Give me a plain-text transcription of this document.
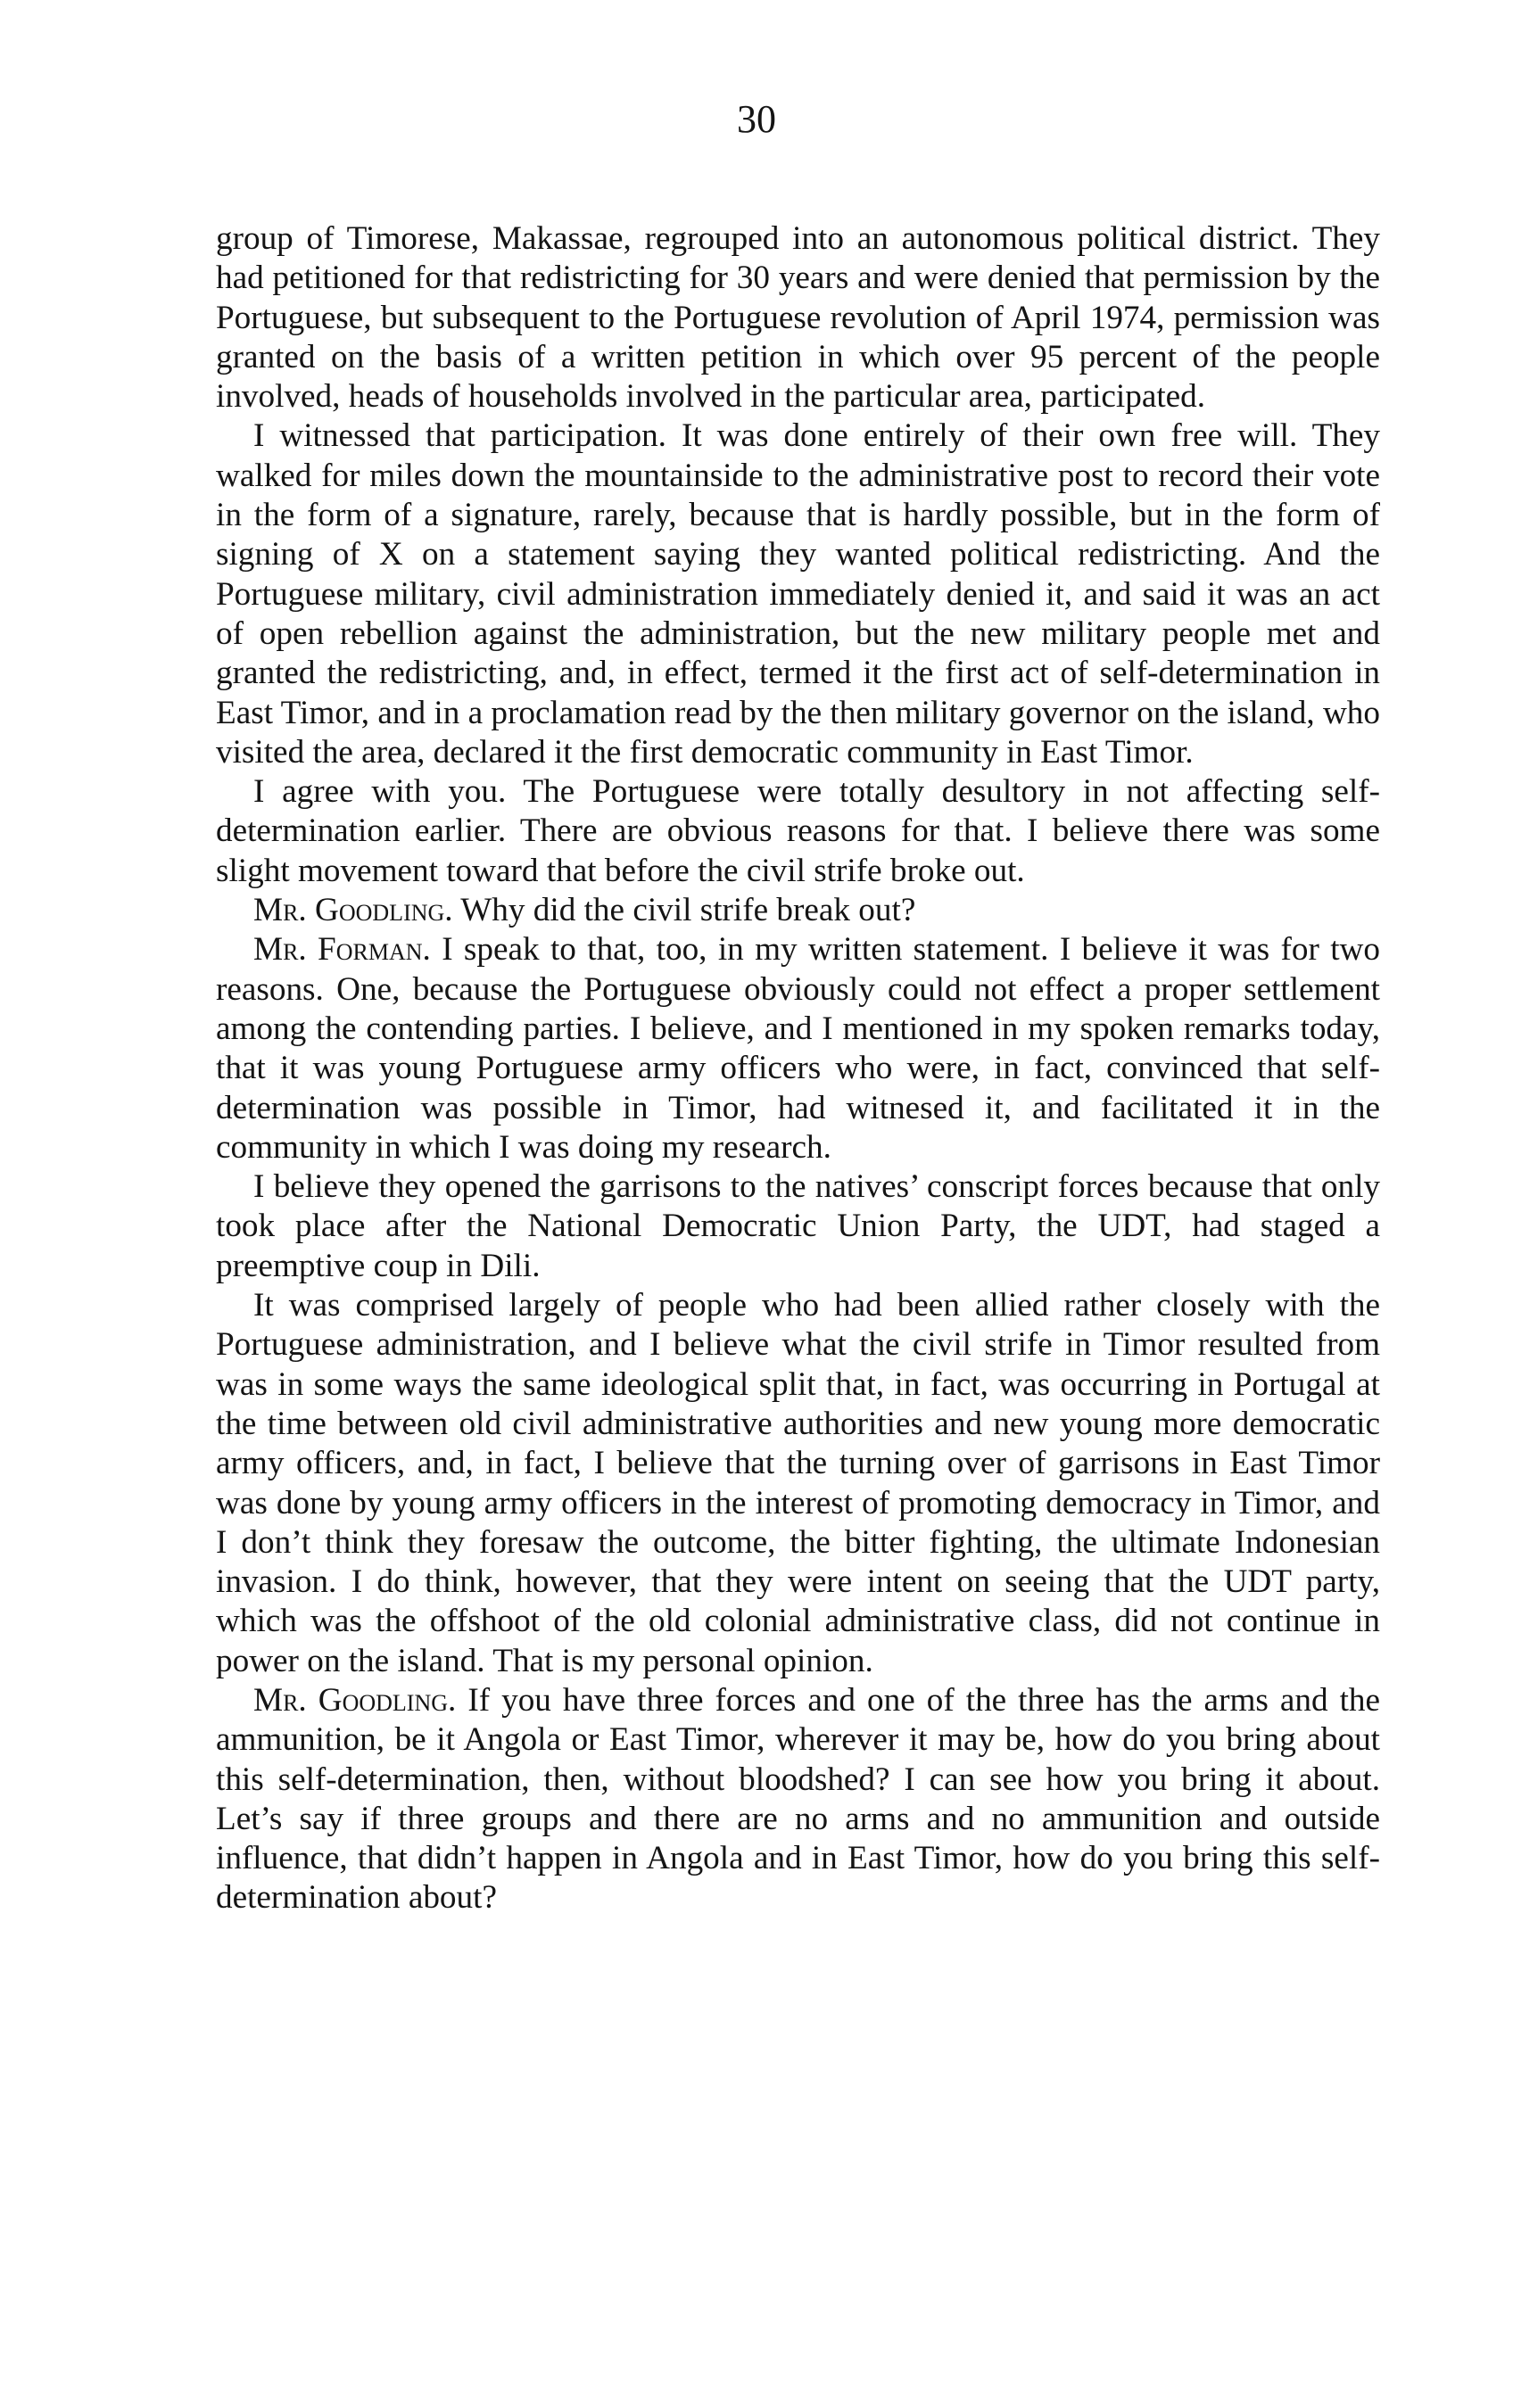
30

group of Timorese, Makassae, regrouped into an autonomous political district. They had petitioned for that redistricting for 30 years and were denied that permission by the Portuguese, but subsequent to the Portuguese revolution of April 1974, permission was granted on the basis of a written petition in which over 95 percent of the people involved, heads of households involved in the particular area, participated.

I witnessed that participation. It was done entirely of their own free will. They walked for miles down the mountainside to the administrative post to record their vote in the form of a signature, rarely, because that is hardly possible, but in the form of signing of X on a statement saying they wanted political redistricting. And the Portuguese military, civil administration immediately denied it, and said it was an act of open rebellion against the administration, but the new military people met and granted the redistricting, and, in effect, termed it the first act of self-determination in East Timor, and in a proclamation read by the then military governor on the island, who visited the area, declared it the first democratic community in East Timor.

I agree with you. The Portuguese were totally desultory in not affecting self-determination earlier. There are obvious reasons for that. I believe there was some slight movement toward that before the civil strife broke out.

Mr. Goodling. Why did the civil strife break out?

Mr. Forman. I speak to that, too, in my written statement. I believe it was for two reasons. One, because the Portuguese obviously could not effect a proper settlement among the contending parties. I believe, and I mentioned in my spoken remarks today, that it was young Portuguese army officers who were, in fact, convinced that self-determination was possible in Timor, had witnesed it, and facilitated it in the community in which I was doing my research.

I believe they opened the garrisons to the natives’ conscript forces because that only took place after the National Democratic Union Party, the UDT, had staged a preemptive coup in Dili.

It was comprised largely of people who had been allied rather closely with the Portuguese administration, and I believe what the civil strife in Timor resulted from was in some ways the same ideological split that, in fact, was occurring in Portugal at the time between old civil administrative authorities and new young more democratic army officers, and, in fact, I believe that the turning over of garrisons in East Timor was done by young army officers in the interest of promoting democracy in Timor, and I don’t think they foresaw the outcome, the bitter fighting, the ultimate Indonesian invasion. I do think, however, that they were intent on seeing that the UDT party, which was the offshoot of the old colonial administrative class, did not continue in power on the island. That is my personal opinion.

Mr. Goodling. If you have three forces and one of the three has the arms and the ammunition, be it Angola or East Timor, wherever it may be, how do you bring about this self-determination, then, without bloodshed? I can see how you bring it about. Let’s say if three groups and there are no arms and no ammunition and outside influence, that didn’t happen in Angola and in East Timor, how do you bring this self-determination about?
